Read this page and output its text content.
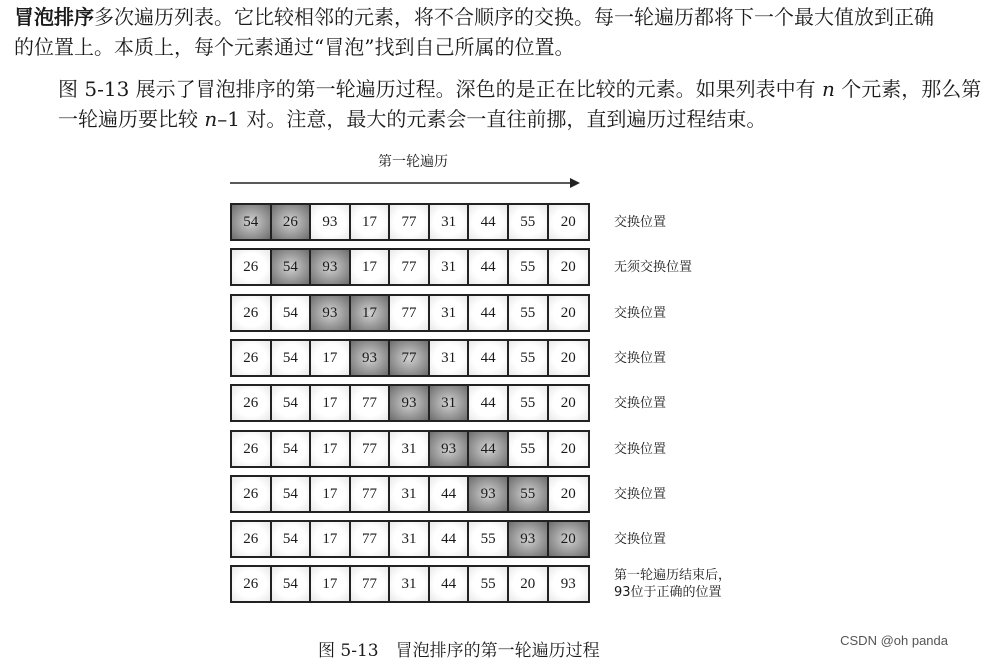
冒泡排序多次遍历列表。它比较相邻的元素，将不合顺序的交换。每一轮遍历都将下一个最大值放到正确的位置上。本质上，每个元素通过“冒泡”找到自己所属的位置。

图 5-13 展示了冒泡排序的第一轮遍历过程。深色的是正在比较的元素。如果列表中有 n 个元素，那么第一轮遍历要比较 n–1 对。注意，最大的元素会一直往前挪，直到遍历过程结束。

第一轮遍历
54	26	93	17	77	31	44	55	20	交换位置
26	54	93	17	77	31	44	55	20	无须交换位置
26	54	93	17	77	31	44	55	20	交换位置
26	54	17	93	77	31	44	55	20	交换位置
26	54	17	77	93	31	44	55	20	交换位置
26	54	17	77	31	93	44	55	20	交换位置
26	54	17	77	31	44	93	55	20	交换位置
26	54	17	77	31	44	55	93	20	交换位置
26	54	17	77	31	44	55	20	93	第一轮遍历结束后，
93位于正确的位置
图 5-13　冒泡排序的第一轮遍历过程
CSDN @oh panda
